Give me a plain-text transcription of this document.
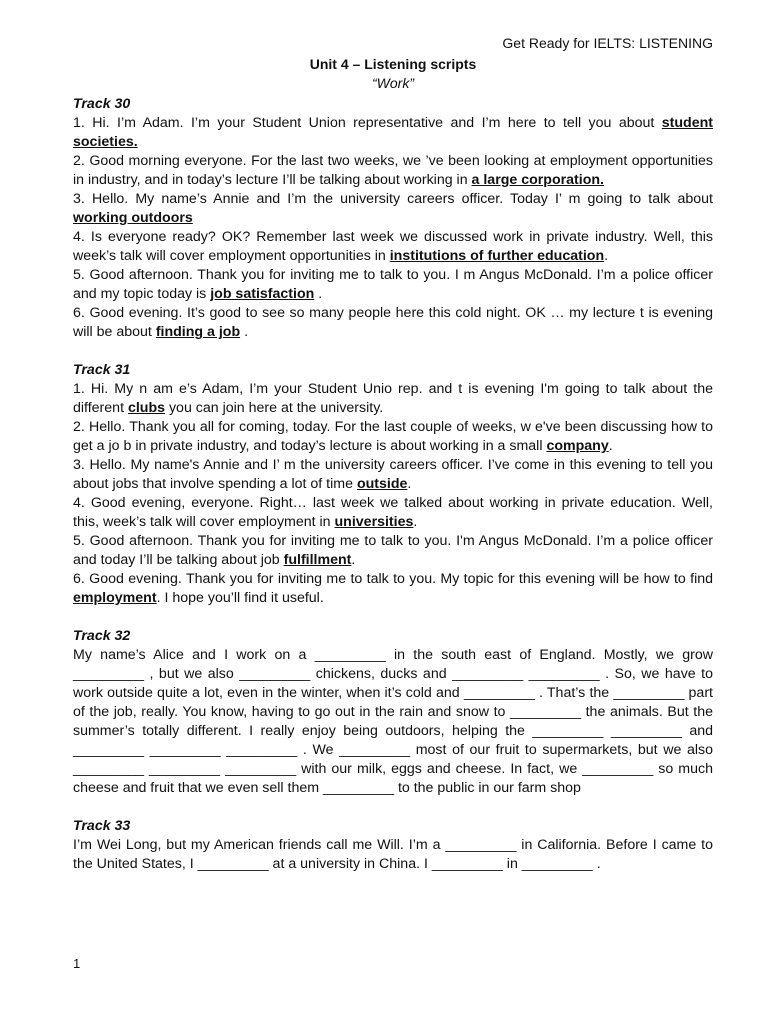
Get Ready for IELTS: LISTENING
Unit 4 – Listening scripts
“Work”
Track 30

1. Hi. I’m Adam. I’m your Student Union representative and I’m here to tell you about student societies.

2. Good morning everyone. For the last two weeks, we ’ve been looking at employment opportunities in industry, and in today’s lecture I’ll be talking about working in a large corporation.

3. Hello. My name’s Annie and I’m the university careers officer. Today I’ m going to talk about working outdoors

4. Is everyone ready? OK? Remember last week we discussed work in private industry. Well, this week’s talk will cover employment opportunities in institutions of further education.

5. Good afternoon. Thank you for inviting me to talk to you. I m Angus McDonald. I’m a police officer and my topic today is job satisfaction .

6. Good evening. It’s good to see so many people here this cold night. OK … my lecture t is evening will be about finding a job .

Track 31

1. Hi. My n am e’s Adam, I’m your Student Unio rep. and t is evening I'm going to talk about the different clubs you can join here at the university.

2. Hello. Thank you all for coming, today. For the last couple of weeks, w e've been discussing how to get a jo b in private industry, and today’s lecture is about working in a small company.

3. Hello. My name's Annie and I’ m the university careers officer. I’ve come in this evening to tell you about jobs that involve spending a lot of time outside.

4. Good evening, everyone. Right… last week we talked about working in private education. Well, this, week’s talk will cover employment in universities.

5. Good afternoon. Thank you for inviting me to talk to you. I'm Angus McDonald. I’m a police officer and today I’ll be talking about job fulfillment.

6. Good evening. Thank you for inviting me to talk to you. My topic for this evening will be how to find employment. I hope you’ll find it useful.

Track 32

My name’s Alice and I work on a _________ in the south east of England. Mostly, we grow _________ , but we also _________ chickens, ducks and _________ _________ . So, we have to work outside quite a lot, even in the winter, when it’s cold and _________ . That’s the _________ part of the job, really. You know, having to go out in the rain and snow to _________ the animals. But the summer’s totally different. I really enjoy being outdoors, helping the _________ _________ and _________ _________ _________ . We _________ most of our fruit to supermarkets, but we also _________ _________ _________ with our milk, eggs and cheese. In fact, we _________ so much cheese and fruit that we even sell them _________ to the public in our farm shop

Track 33

I’m Wei Long, but my American friends call me Will. I’m a _________ in California. Before I came to the United States, I _________ at a university in China. I _________ in _________ .

1
